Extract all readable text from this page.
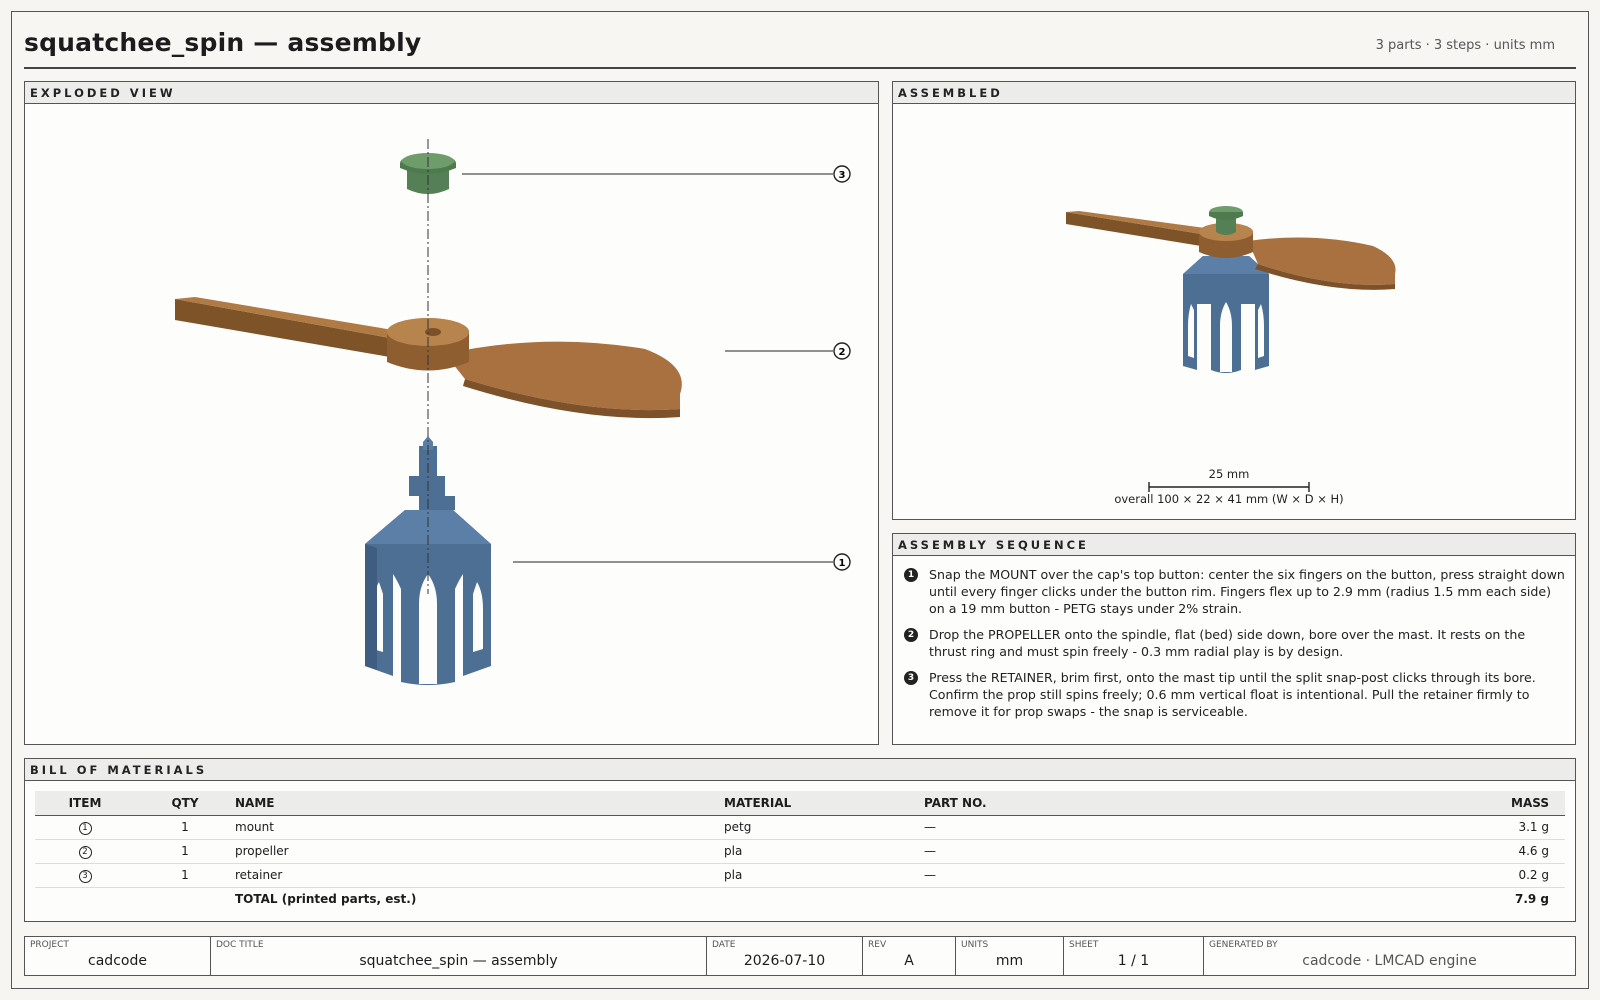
squatchee_spin — assembly	3 parts · 3 steps · units mm
EXPLODED VIEW
3
2
1
ASSEMBLED
25 mm
overall 100 × 22 × 41 mm (W × D × H)
ASSEMBLY SEQUENCE
1	Snap the MOUNT over the cap's top button: center the six fingers on the button, press straight down until every finger clicks under the button rim. Fingers flex up to 2.9 mm (radius 1.5 mm each side) on a 19 mm button - PETG stays under 2% strain.
2	Drop the PROPELLER onto the spindle, flat (bed) side down, bore over the mast. It rests on the thrust ring and must spin freely - 0.3 mm radial play is by design.
3	Press the RETAINER, brim first, onto the mast tip until the split snap-post clicks through its bore. Confirm the prop still spins freely; 0.6 mm vertical float is intentional. Pull the retainer firmly to remove it for prop swaps - the snap is serviceable.
BILL OF MATERIALS
ITEM	QTY	NAME	MATERIAL	PART NO.	MASS
1	1	mount	petg	—	3.1 g
2	1	propeller	pla	—	4.6 g
3	1	retainer	pla	—	0.2 g
		TOTAL (printed parts, est.)			7.9 g
PROJECT
cadcode
DOC TITLE
squatchee_spin — assembly
DATE
2026-07-10
REV
A
UNITS
mm
SHEET
1 / 1
GENERATED BY
cadcode · LMCAD engine
